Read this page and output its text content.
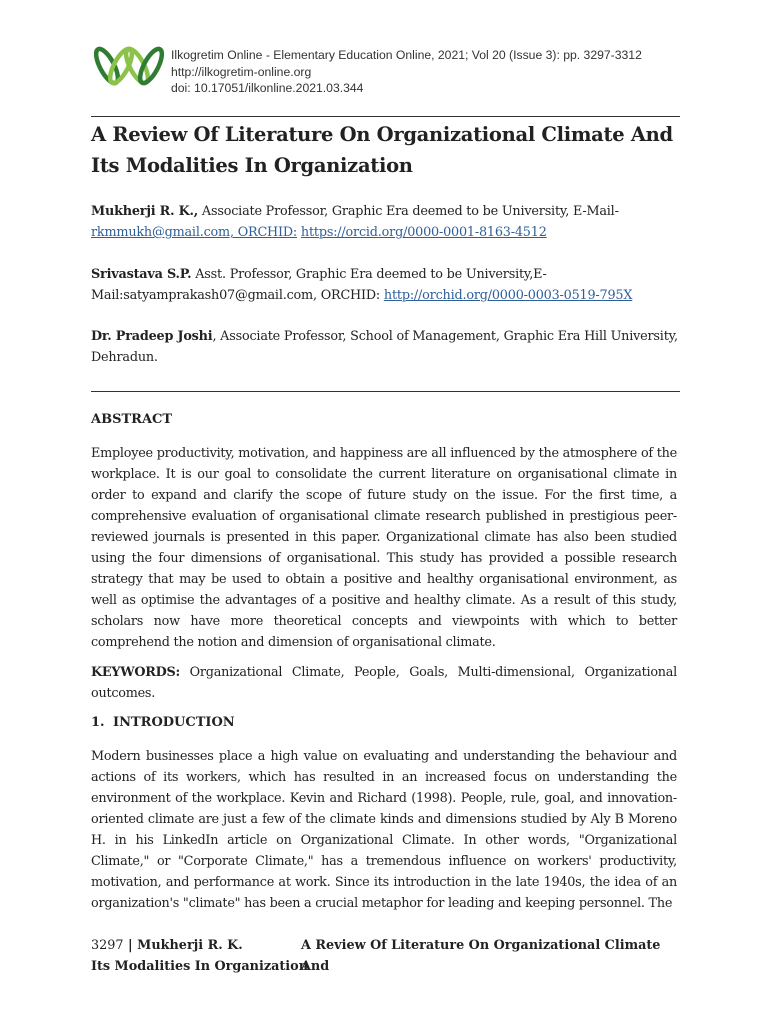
Ilkogretim Online - Elementary Education Online, 2021; Vol 20 (Issue 3): pp. 3297-3312
http://ilkogretim-online.org
doi: 10.17051/ilkonline.2021.03.344
A Review Of Literature On Organizational Climate And
Its Modalities In Organization
Mukherji R. K., Associate Professor, Graphic Era deemed to be University, E-Mail-
rkmmukh@gmail.com, ORCHID: https://orcid.org/0000-0001-8163-4512
Srivastava S.P. Asst. Professor, Graphic Era deemed to be University,E-
Mail:satyamprakash07@gmail.com, ORCHID: http://orchid.org/0000-0003-0519-795X
Dr. Pradeep Joshi, Associate Professor, School of Management, Graphic Era Hill University, Dehradun.
ABSTRACT

Employee productivity, motivation, and happiness are all influenced by the atmosphere of the workplace. It is our goal to consolidate the current literature on organisational climate in order to expand and clarify the scope of future study on the issue. For the first time, a comprehensive evaluation of organisational climate research published in prestigious peer-reviewed journals is presented in this paper. Organizational climate has also been studied using the four dimensions of organisational. This study has provided a possible research strategy that may be used to obtain a positive and healthy organisational environment, as well as optimise the advantages of a positive and healthy climate. As a result of this study, scholars now have more theoretical concepts and viewpoints with which to better comprehend the notion and dimension of organisational climate.

KEYWORDS: Organizational Climate, People, Goals, Multi-dimensional, Organizational outcomes.

1. INTRODUCTION

Modern businesses place a high value on evaluating and understanding the behaviour and actions of its workers, which has resulted in an increased focus on understanding the environment of the workplace. Kevin and Richard (1998). People, rule, goal, and innovation-oriented climate are just a few of the climate kinds and dimensions studied by Aly B Moreno H. in his LinkedIn article on Organizational Climate. In other words, "Organizational Climate," or "Corporate Climate," has a tremendous influence on workers' productivity, motivation, and performance at work. Since its introduction in the late 1940s, the idea of an organization's "climate" has been a crucial metaphor for leading and keeping personnel. The

3297 | Mukherji R. K.	A Review Of Literature On Organizational Climate And
Its Modalities In Organization
